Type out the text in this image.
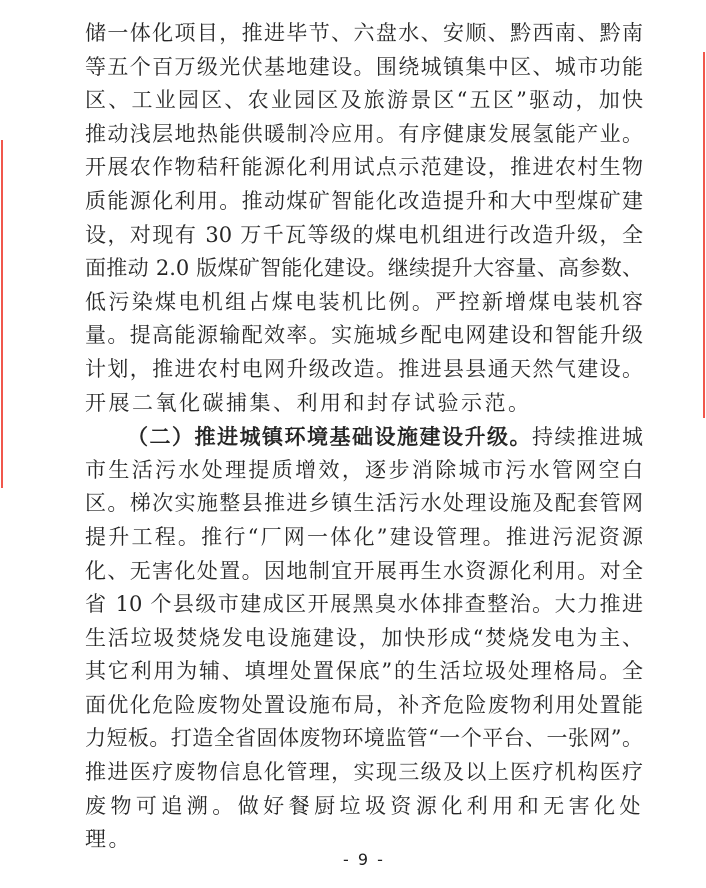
储一体化项目，推进毕节、六盘水、安顺、黔西南、黔南
等五个百万级光伏基地建设。围绕城镇集中区、城市功能
区、工业园区、农业园区及旅游景区“五区”驱动，加快
推动浅层地热能供暖制冷应用。有序健康发展氢能产业。
开展农作物秸秆能源化利用试点示范建设，推进农村生物
质能源化利用。推动煤矿智能化改造提升和大中型煤矿建
设，对现有 30 万千瓦等级的煤电机组进行改造升级，全
面推动 2.0 版煤矿智能化建设。继续提升大容量、高参数、
低污染煤电机组占煤电装机比例。严控新增煤电装机容
量。提高能源输配效率。实施城乡配电网建设和智能升级
计划，推进农村电网升级改造。推进县县通天然气建设。
开展二氧化碳捕集、利用和封存试验示范。
（二）推进城镇环境基础设施建设升级。持续推进城
市生活污水处理提质增效，逐步消除城市污水管网空白
区。梯次实施整县推进乡镇生活污水处理设施及配套管网
提升工程。推行“厂网一体化”建设管理。推进污泥资源
化、无害化处置。因地制宜开展再生水资源化利用。对全
省 10 个县级市建成区开展黑臭水体排查整治。大力推进
生活垃圾焚烧发电设施建设，加快形成“焚烧发电为主、
其它利用为辅、填埋处置保底”的生活垃圾处理格局。全
面优化危险废物处置设施布局，补齐危险废物利用处置能
力短板。打造全省固体废物环境监管“一个平台、一张网”。
推进医疗废物信息化管理，实现三级及以上医疗机构医疗
废物可追溯。做好餐厨垃圾资源化利用和无害化处理。
- 9 -
